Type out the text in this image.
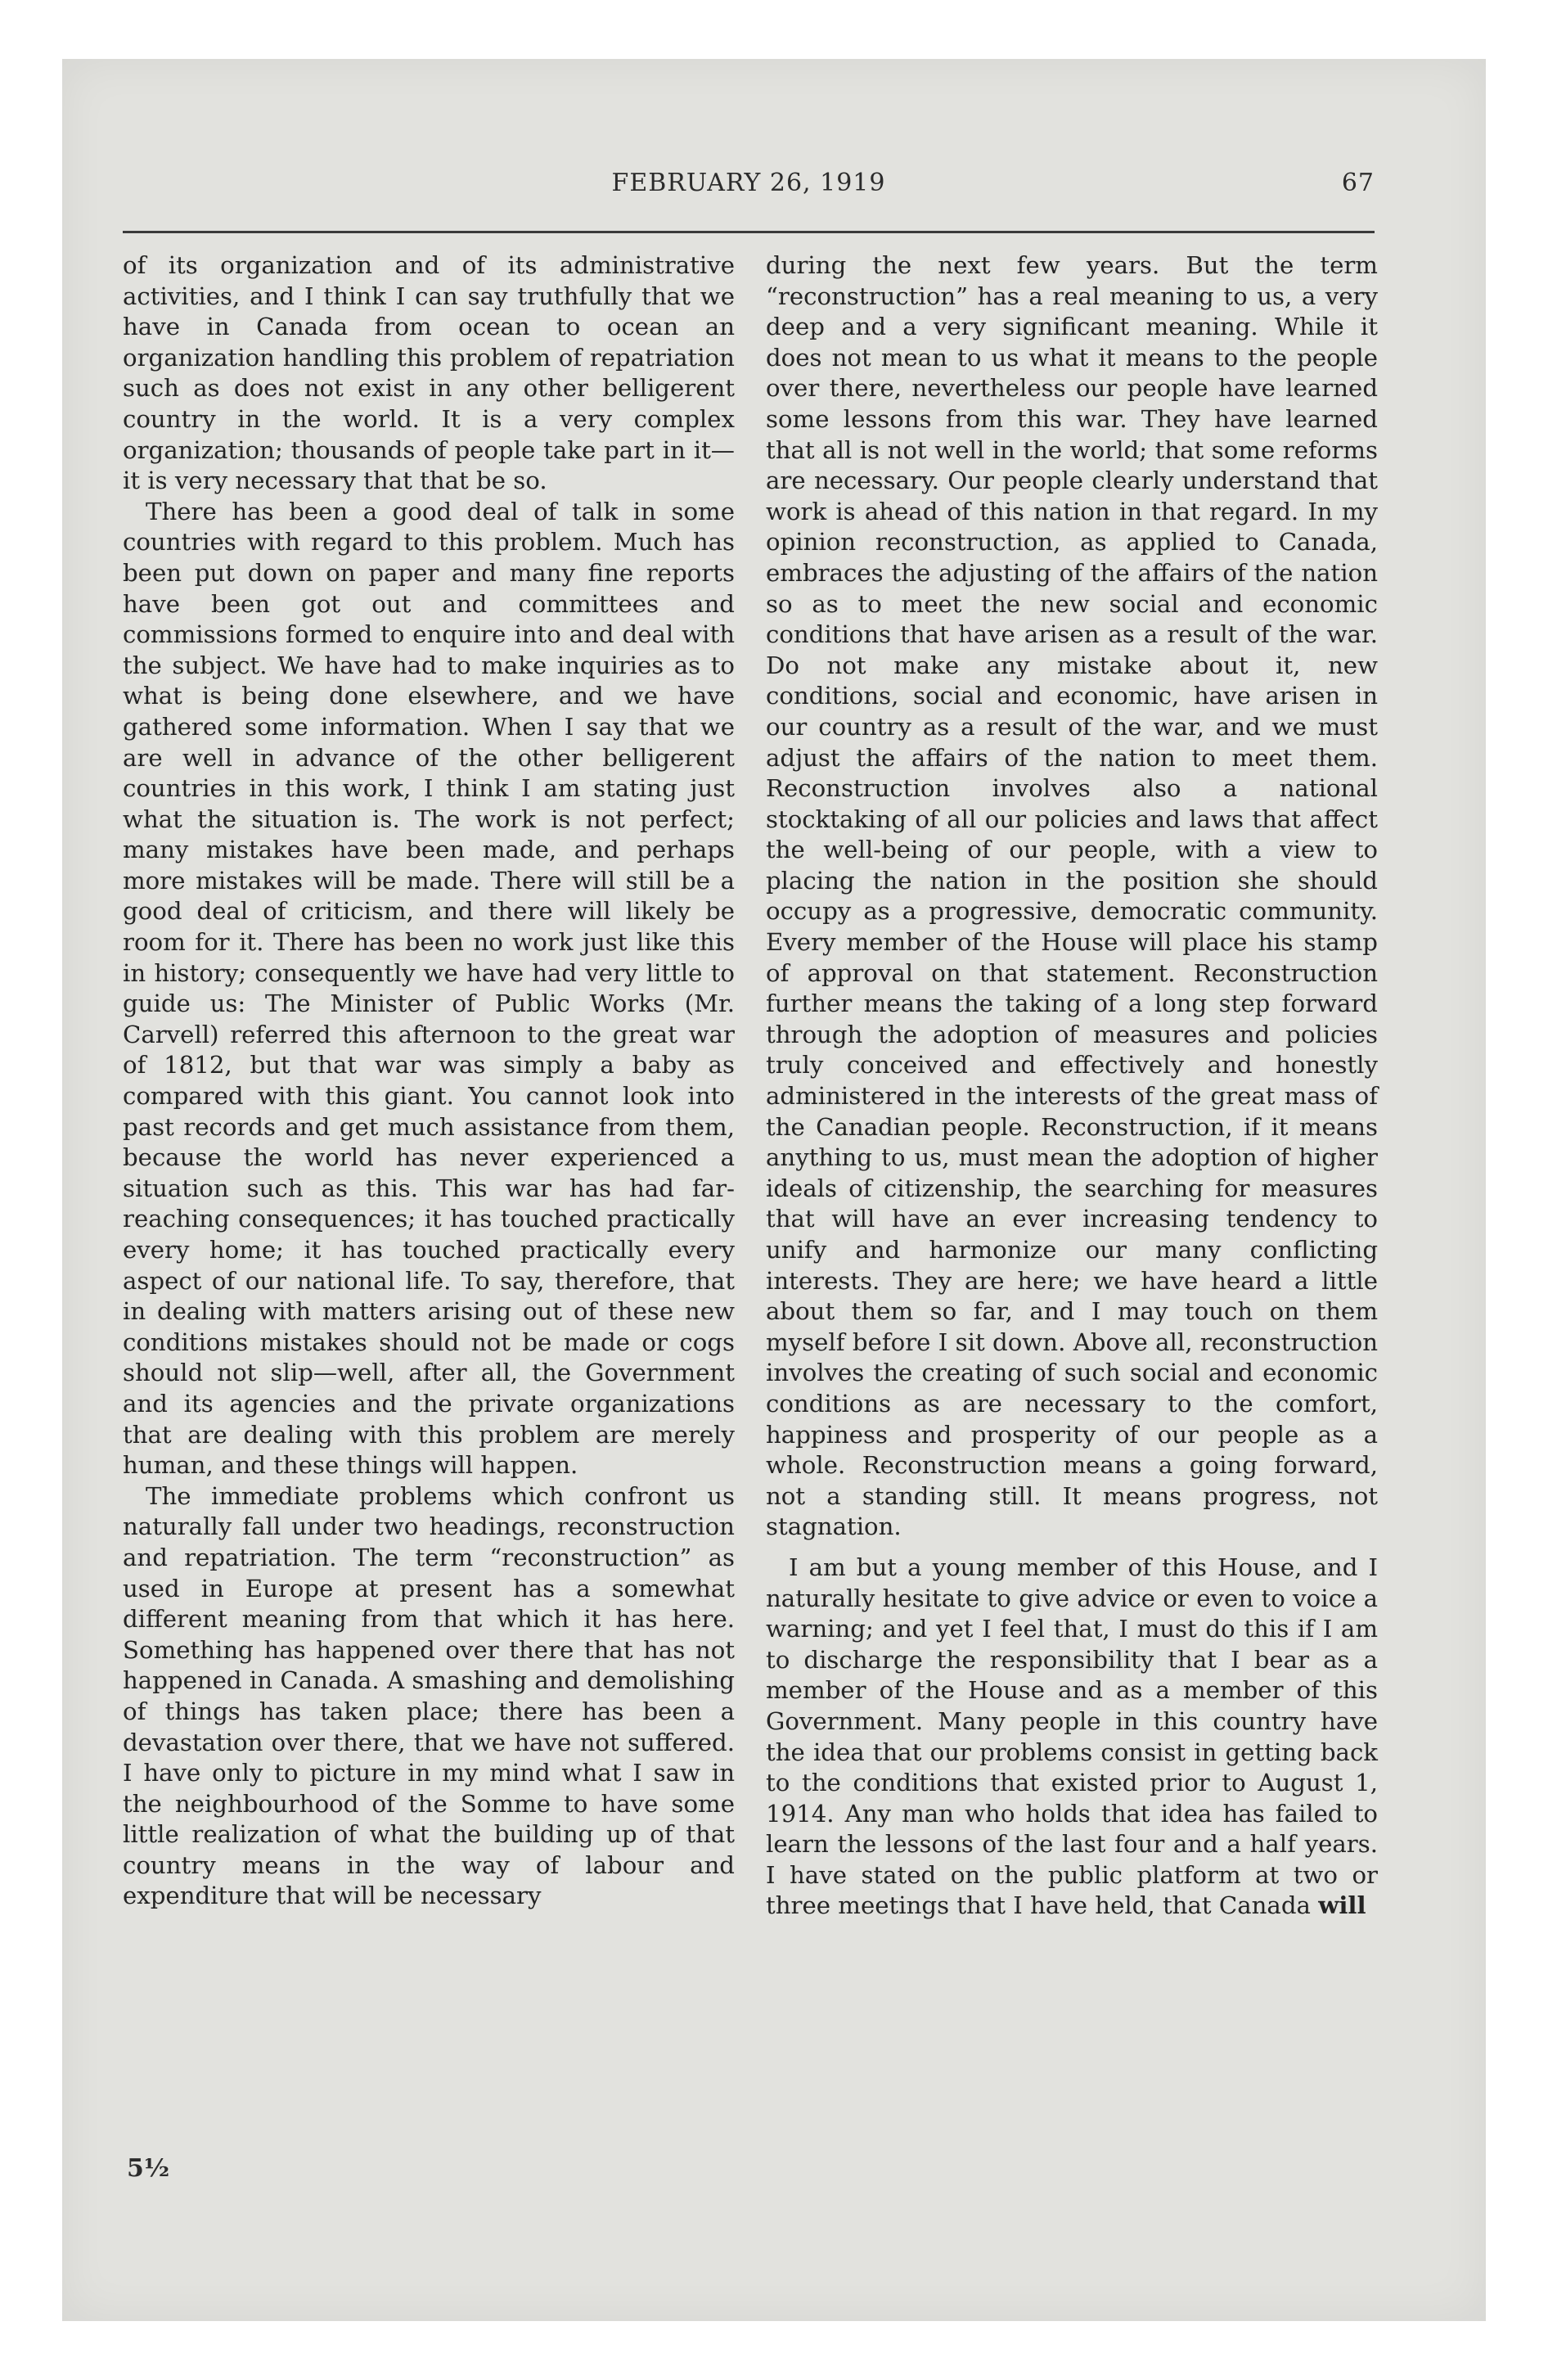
FEBRUARY 26, 1919	67

of its organization and of its administrative activities, and I think I can say truthfully that we have in Canada from ocean to ocean an organization handling this problem of repatriation such as does not exist in any other belligerent country in the world. It is a very complex organization; thousands of people take part in it— it is very necessary that that be so.

There has been a good deal of talk in some countries with regard to this problem. Much has been put down on paper and many fine reports have been got out and committees and commissions formed to enquire into and deal with the subject. We have had to make inquiries as to what is being done elsewhere, and we have gathered some information. When I say that we are well in advance of the other belligerent countries in this work, I think I am stating just what the situation is. The work is not perfect; many mistakes have been made, and perhaps more mistakes will be made. There will still be a good deal of criticism, and there will likely be room for it. There has been no work just like this in history; consequently we have had very little to guide us: The Minister of Public Works (Mr. Carvell) referred this afternoon to the great war of 1812, but that war was simply a baby as compared with this giant. You cannot look into past records and get much assistance from them, because the world has never experienced a situation such as this. This war has had far-reaching consequences; it has touched practically every home; it has touched practically every aspect of our national life. To say, therefore, that in dealing with matters arising out of these new conditions mistakes should not be made or cogs should not slip—well, after all, the Government and its agencies and the private organizations that are dealing with this problem are merely human, and these things will happen.

The immediate problems which confront us naturally fall under two headings, reconstruction and repatriation. The term “reconstruction” as used in Europe at present has a somewhat different meaning from that which it has here. Something has happened over there that has not happened in Canada. A smashing and demolishing of things has taken place; there has been a devastation over there, that we have not suffered. I have only to picture in my mind what I saw in the neighbourhood of the Somme to have some little realization of what the building up of that country means in the way of labour and expenditure that will be necessary

during the next few years. But the term “reconstruction” has a real meaning to us, a very deep and a very significant meaning. While it does not mean to us what it means to the people over there, nevertheless our people have learned some lessons from this war. They have learned that all is not well in the world; that some reforms are necessary. Our people clearly understand that work is ahead of this nation in that regard. In my opinion reconstruction, as applied to Canada, embraces the adjusting of the affairs of the nation so as to meet the new social and economic conditions that have arisen as a result of the war. Do not make any mistake about it, new conditions, social and economic, have arisen in our country as a result of the war, and we must adjust the affairs of the nation to meet them. Reconstruction involves also a national stocktaking of all our policies and laws that affect the well-being of our people, with a view to placing the nation in the position she should occupy as a progressive, democratic community. Every member of the House will place his stamp of approval on that statement. Reconstruction further means the taking of a long step forward through the adoption of measures and policies truly conceived and effectively and honestly administered in the interests of the great mass of the Canadian people. Reconstruction, if it means anything to us, must mean the adoption of higher ideals of citizenship, the searching for measures that will have an ever increasing tendency to unify and harmonize our many conflicting interests. They are here; we have heard a little about them so far, and I may touch on them myself before I sit down. Above all, reconstruction involves the creating of such social and economic conditions as are necessary to the comfort, happiness and prosperity of our people as a whole. Reconstruction means a going forward, not a standing still. It means progress, not stagnation.

I am but a young member of this House, and I naturally hesitate to give advice or even to voice a warning; and yet I feel that, I must do this if I am to discharge the responsibility that I bear as a member of the House and as a member of this Government. Many people in this country have the idea that our problems consist in getting back to the conditions that existed prior to August 1, 1914. Any man who holds that idea has failed to learn the lessons of the last four and a half years. I have stated on the public platform at two or three meetings that I have held, that Canada will

5½
